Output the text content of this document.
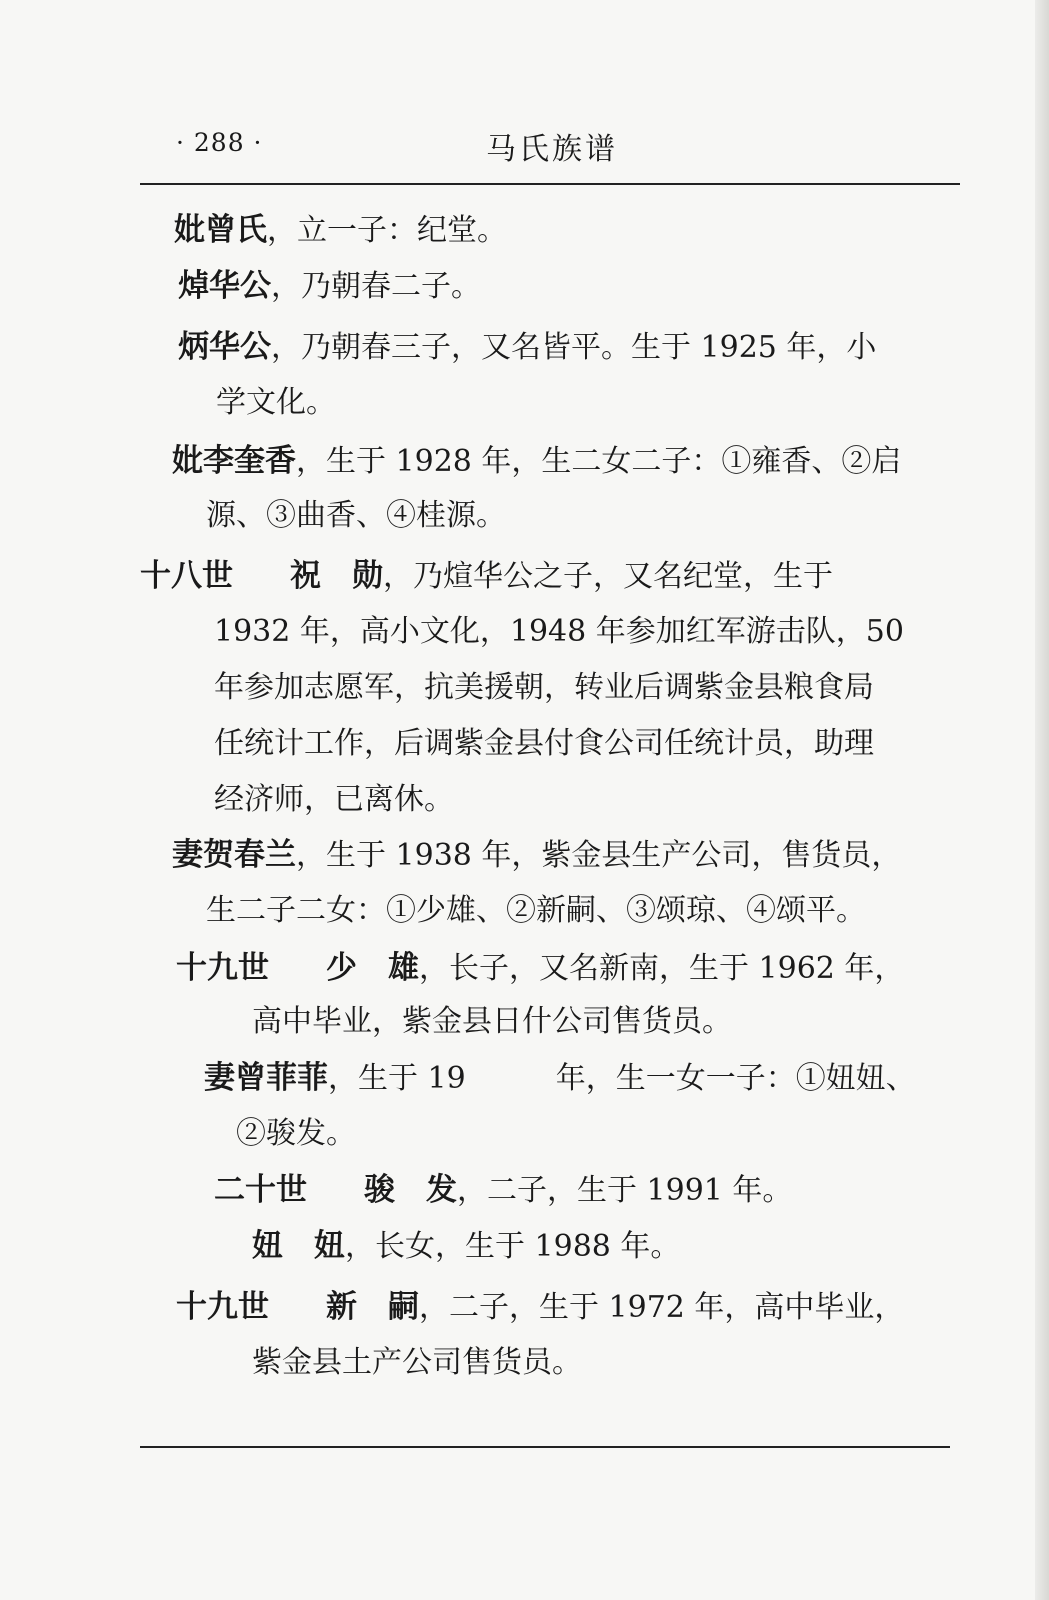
· 288 ·	马氏族谱
妣曾氏，立一子：纪堂。
焯华公，乃朝春二子。
炳华公，乃朝春三子，又名皆平。生于 1925 年，小
学文化。
妣李奎香，生于 1928 年，生二女二子：①雍香、②启
源、③曲香、④桂源。
十八世 祝　勋，乃煊华公之子，又名纪堂，生于
1932 年，高小文化，1948 年参加红军游击队，50
年参加志愿军，抗美援朝，转业后调紫金县粮食局
任统计工作，后调紫金县付食公司任统计员，助理
经济师，已离休。
妻贺春兰，生于 1938 年，紫金县生产公司，售货员，
生二子二女：①少雄、②新嗣、③颂琼、④颂平。
十九世 少　雄，长子，又名新南，生于 1962 年，
高中毕业，紫金县日什公司售货员。
妻曾菲菲，生于 19　　　年，生一女一子：①妞妞、
②骏发。
二十世 骏　发，二子，生于 1991 年。
妞　妞，长女，生于 1988 年。
十九世 新　嗣，二子，生于 1972 年，高中毕业，
紫金县土产公司售货员。
